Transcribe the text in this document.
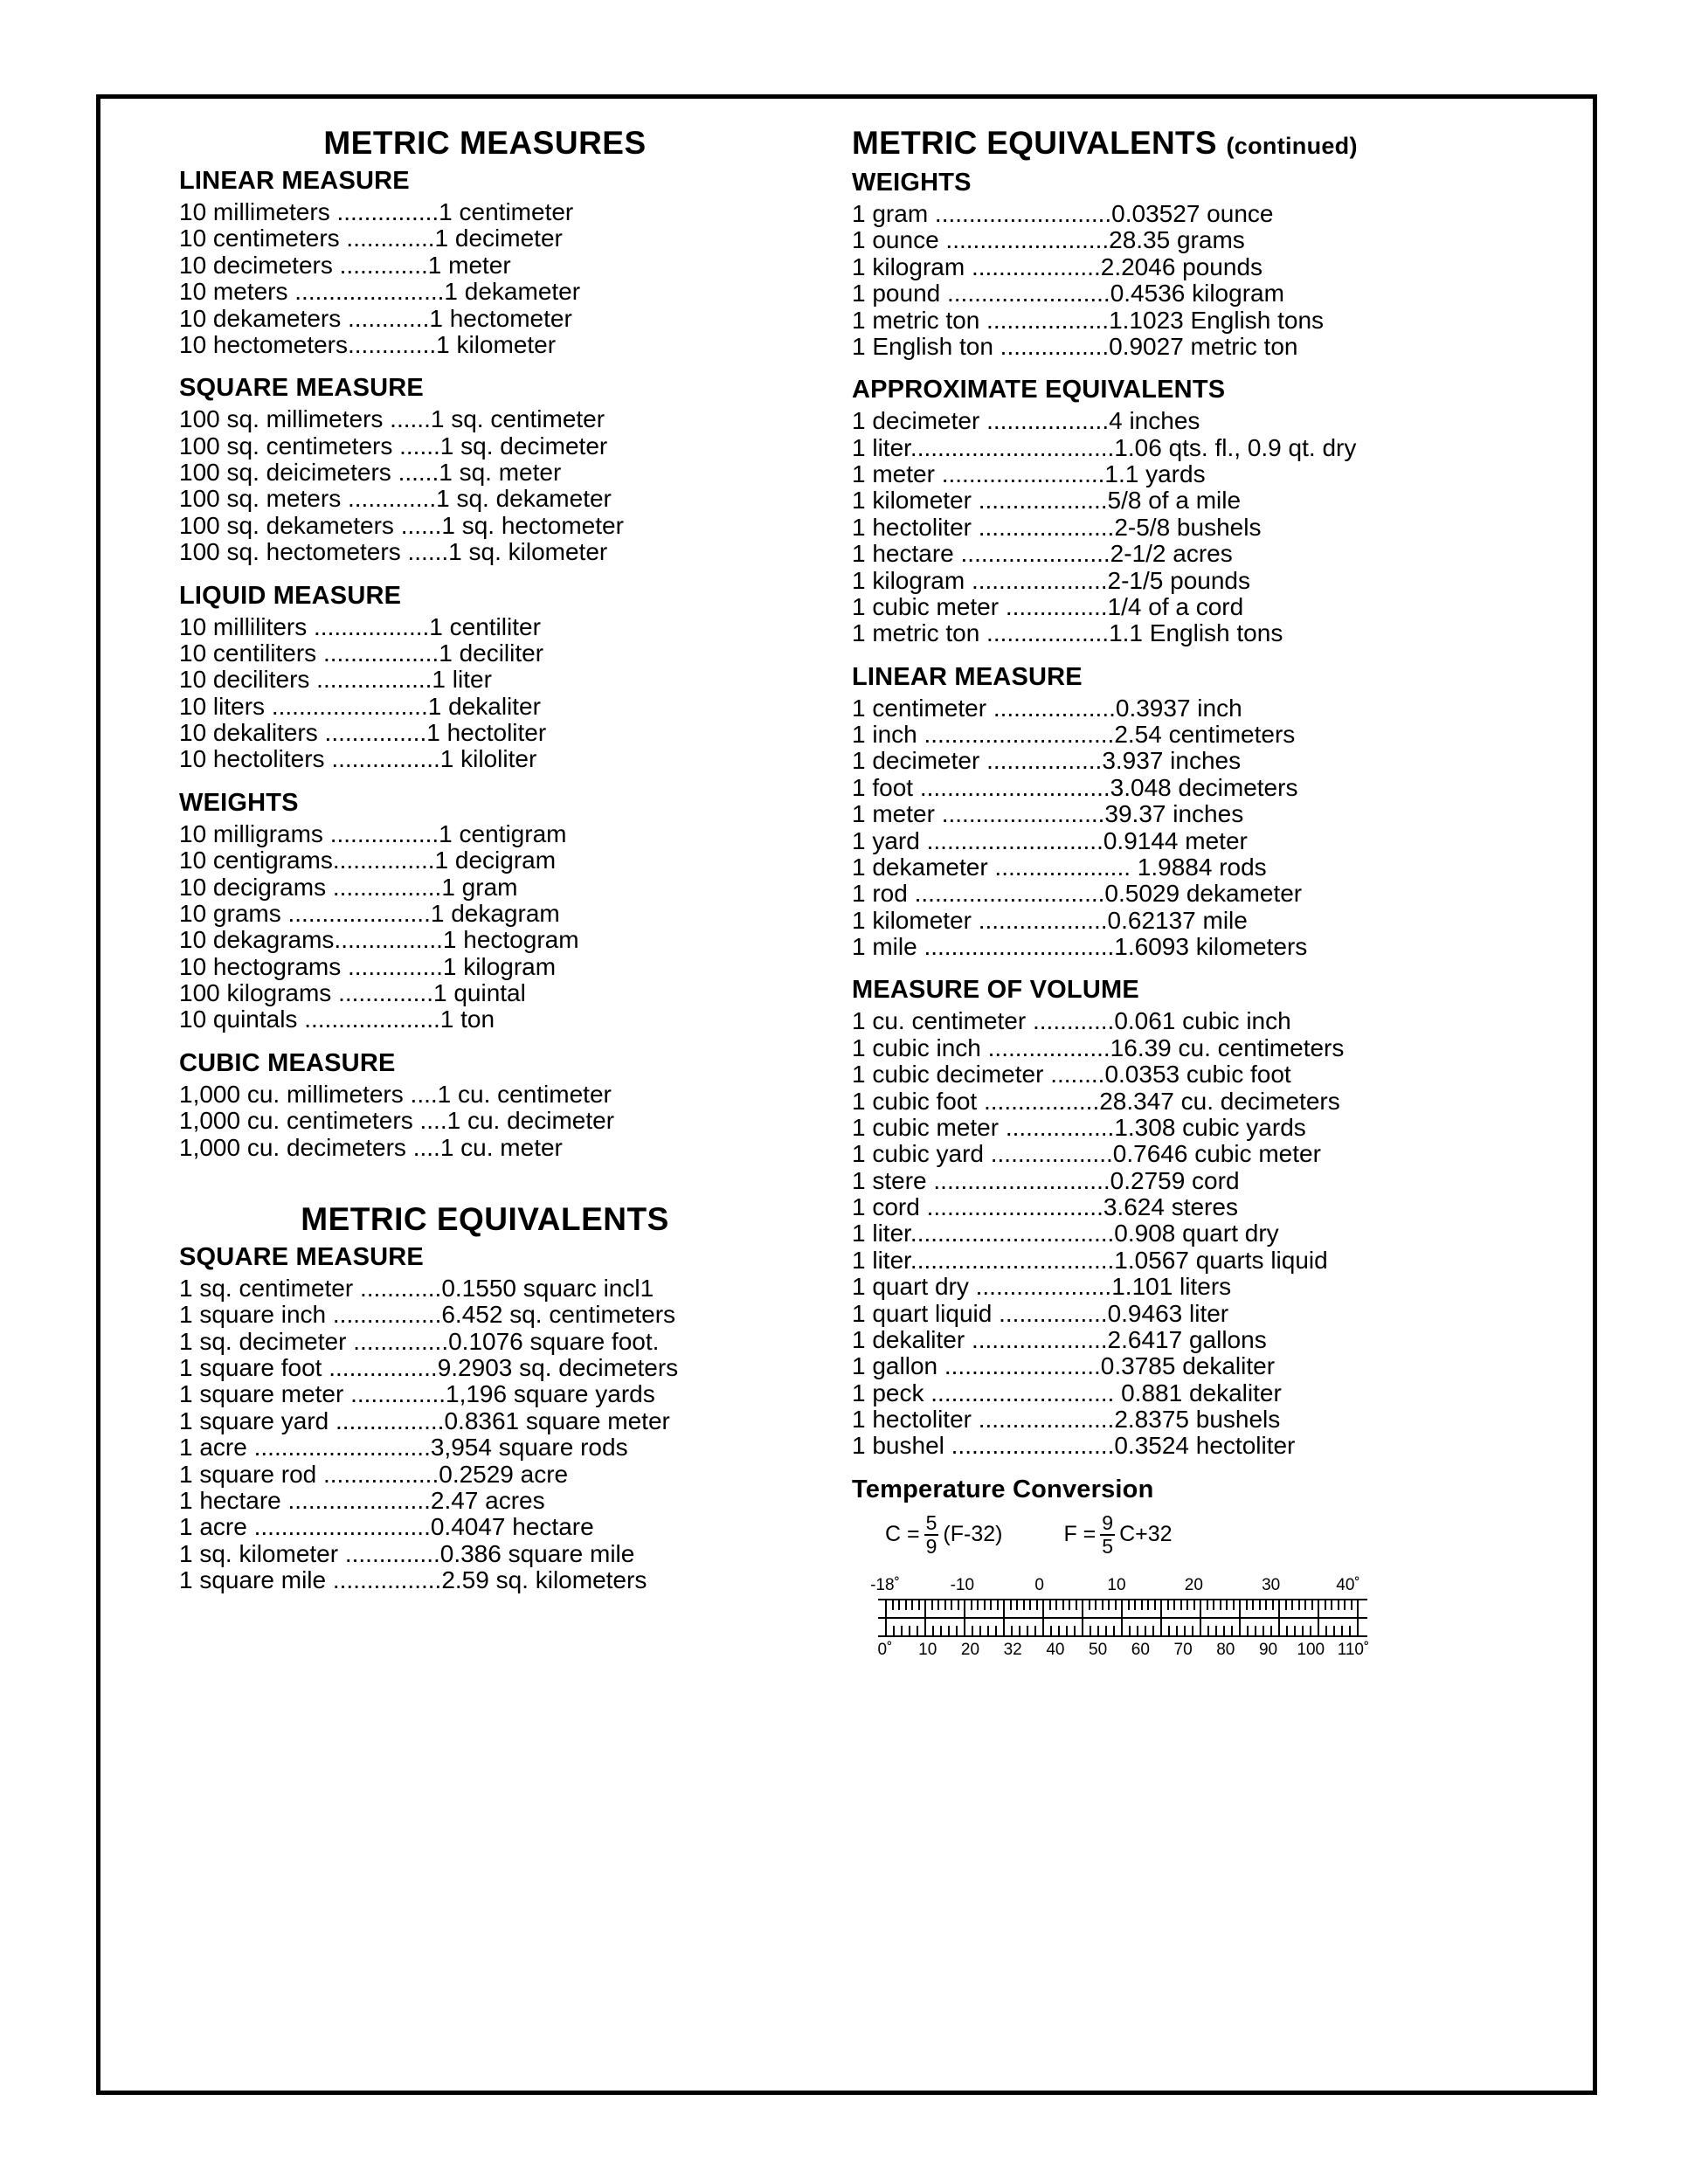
METRIC MEASURES
LINEAR MEASURE
10 millimeters ...............1 centimeter
10 centimeters .............1 decimeter
10 decimeters .............1 meter
10 meters ......................1 dekameter
10 dekameters ............1 hectometer
10 hectometers.............1 kilometer
SQUARE MEASURE
100 sq. millimeters ......1 sq. centimeter
100 sq. centimeters ......1 sq. decimeter
100 sq. deicimeters ......1 sq. meter
100 sq. meters .............1 sq. dekameter
100 sq. dekameters ......1 sq. hectometer
100 sq. hectometers ......1 sq. kilometer
LIQUID MEASURE
10 milliliters .................1 centiliter
10 centiliters .................1 deciliter
10 deciliters .................1 liter
10 liters .......................1 dekaliter
10 dekaliters ...............1 hectoliter
10 hectoliters ................1 kiloliter
WEIGHTS
10 milligrams ................1 centigram
10 centigrams...............1 decigram
10 decigrams ................1 gram
10 grams .....................1 dekagram
10 dekagrams................1 hectogram
10 hectograms ..............1 kilogram
100 kilograms ..............1 quintal
10 quintals ....................1 ton
CUBIC MEASURE
1,000 cu. millimeters ....1 cu. centimeter
1,000 cu. centimeters ....1 cu. decimeter
1,000 cu. decimeters ....1 cu. meter
METRIC EQUIVALENTS
SQUARE MEASURE
1 sq. centimeter ............0.1550 squarc incl1
1 square inch ................6.452 sq. centimeters
1 sq. decimeter ..............0.1076 square foot.
1 square foot ................9.2903 sq. decimeters
1 square meter ..............1,196 square yards
1 square yard ................0.8361 square meter
1 acre ..........................3,954 square rods
1 square rod .................0.2529 acre
1 hectare .....................2.47 acres
1 acre ..........................0.4047 hectare
1 sq. kilometer ..............0.386 square mile
1 square mile ................2.59 sq. kilometers
METRIC EQUIVALENTS (continued)
WEIGHTS
1 gram ..........................0.03527 ounce
1 ounce ........................28.35 grams
1 kilogram ...................2.2046 pounds
1 pound ........................0.4536 kilogram
1 metric ton ..................1.1023 English tons
1 English ton ................0.9027 metric ton
APPROXIMATE EQUIVALENTS
1 decimeter ..................4 inches
1 liter..............................1.06 qts. fl., 0.9 qt. dry
1 meter ........................1.1 yards
1 kilometer ...................5/8 of a mile
1 hectoliter ....................2-5/8 bushels
1 hectare ......................2-1/2 acres
1 kilogram ....................2-1/5 pounds
1 cubic meter ...............1/4 of a cord
1 metric ton ..................1.1 English tons
LINEAR MEASURE
1 centimeter ..................0.3937 inch
1 inch ............................2.54 centimeters
1 decimeter .................3.937 inches
1 foot ............................3.048 decimeters
1 meter ........................39.37 inches
1 yard ..........................0.9144 meter
1 dekameter .................... 1.9884 rods
1 rod ............................0.5029 dekameter
1 kilometer ...................0.62137 mile
1 mile ............................1.6093 kilometers
MEASURE OF VOLUME
1 cu. centimeter ............0.061 cubic inch
1 cubic inch ..................16.39 cu. centimeters
1 cubic decimeter ........0.0353 cubic foot
1 cubic foot .................28.347 cu. decimeters
1 cubic meter ................1.308 cubic yards
1 cubic yard ..................0.7646 cubic meter
1 stere ..........................0.2759 cord
1 cord ..........................3.624 steres
1 liter..............................0.908 quart dry
1 liter..............................1.0567 quarts liquid
1 quart dry ....................1.101 liters
1 quart liquid ................0.9463 liter
1 dekaliter ....................2.6417 gallons
1 gallon .......................0.3785 dekaliter
1 peck ........................... 0.881 dekaliter
1 hectoliter ....................2.8375 bushels
1 bushel ........................0.3524 hectoliter
Temperature Conversion
$C = \frac{5}{9} (F-32)$	$F = \frac{9}{5} C+32$
-18˚	-10	0	10	20	30	40˚
0˚ 10 20 32 40 50 60 70 80 90 100 110˚
